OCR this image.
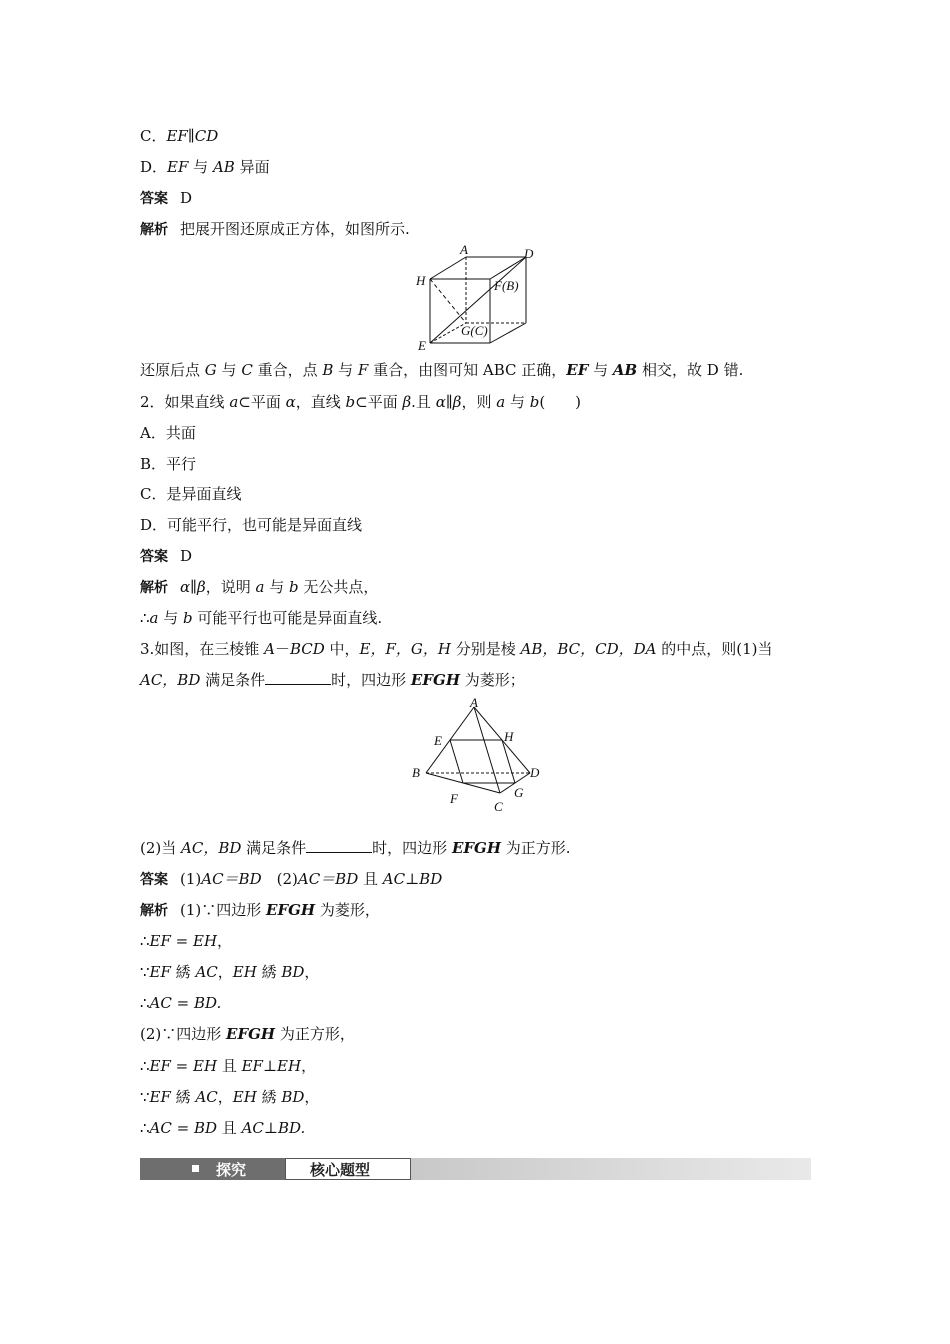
C．EF∥CD
D．EF 与 AB 异面
答案 D
解析 把展开图还原成正方体，如图所示.
A	D
H	F(B)
G(C)
E
还原后点 G 与 C 重合，点 B 与 F 重合，由图可知 ABC 正确，EF 与 AB 相交，故 D 错.
2．如果直线 a⊂平面 α，直线 b⊂平面 β.且 α∥β，则 a 与 b(　　)
A．共面
B．平行
C．是异面直线
D．可能平行，也可能是异面直线
答案 D
解析 α∥β，说明 a 与 b 无公共点，
∴a 与 b 可能平行也可能是异面直线.
3.如图，在三棱锥 A－BCD 中，E，F，G，H 分别是棱 AB，BC，CD，DA 的中点，则(1)当
AC，BD 满足条件	时，四边形 EFGH 为菱形；
A
E	H
B	D
F	G
C
(2)当 AC，BD 满足条件	时，四边形 EFGH 为正方形.
答案 (1)AC＝BD　(2)AC＝BD 且 AC⊥BD
解析 (1)∵四边形 EFGH 为菱形，
∴EF = EH，
∵EF 綉 AC，EH 綉 BD，
∴AC = BD.
(2)∵四边形 EFGH 为正方形，
∴EF = EH 且 EF⊥EH，
∵EF 綉 AC，EH 綉 BD，
∴AC = BD 且 AC⊥BD.
探究	核心题型
